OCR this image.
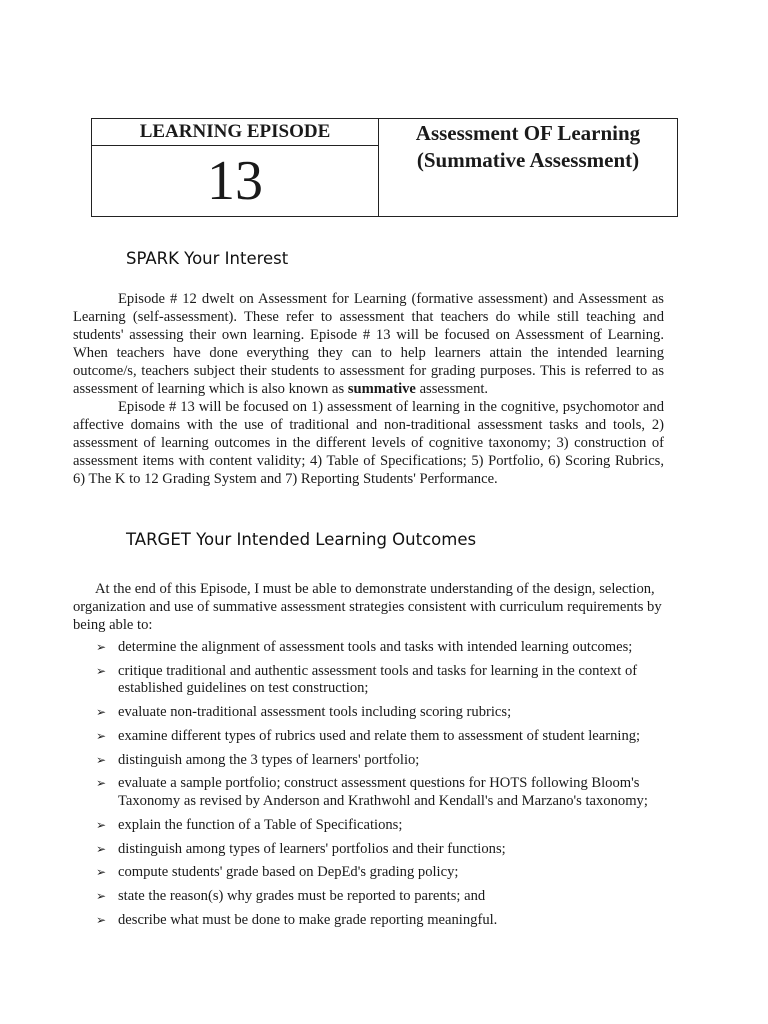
LEARNING EPISODE
13
Assessment OF Learning
(Summative Assessment)
SPARK Your Interest

Episode # 12 dwelt on Assessment for Learning (formative assessment) and Assessment as Learning (self-assessment). These refer to assessment that teachers do while still teaching and students' assessing their own learning. Episode # 13 will be focused on Assessment of Learning. When teachers have done everything they can to help learners attain the intended learning outcome/s, teachers subject their students to assessment for grading purposes. This is referred to as assessment of learning which is also known as summative assessment.

Episode # 13 will be focused on 1) assessment of learning in the cognitive, psychomotor and affective domains with the use of traditional and non-traditional assessment tasks and tools, 2) assessment of learning outcomes in the different levels of cognitive taxonomy; 3) construction of assessment items with content validity; 4) Table of Specifications; 5) Portfolio, 6) Scoring Rubrics, 6) The K to 12 Grading System and 7) Reporting Students' Performance.

TARGET Your Intended Learning Outcomes

At the end of this Episode, I must be able to demonstrate understanding of the design, selection, organization and use of summative assessment strategies consistent with curriculum requirements by being able to:

➢ determine the alignment of assessment tools and tasks with intended learning outcomes;
➢ critique traditional and authentic assessment tools and tasks for learning in the context of established guidelines on test construction;
➢ evaluate non-traditional assessment tools including scoring rubrics;
➢ examine different types of rubrics used and relate them to assessment of student learning;
➢ distinguish among the 3 types of learners' portfolio;
➢ evaluate a sample portfolio; construct assessment questions for HOTS following Bloom's Taxonomy as revised by Anderson and Krathwohl and Kendall's and Marzano's taxonomy;
➢ explain the function of a Table of Specifications;
➢ distinguish among types of learners' portfolios and their functions;
➢ compute students' grade based on DepEd's grading policy;
➢ state the reason(s) why grades must be reported to parents; and
➢ describe what must be done to make grade reporting meaningful.
